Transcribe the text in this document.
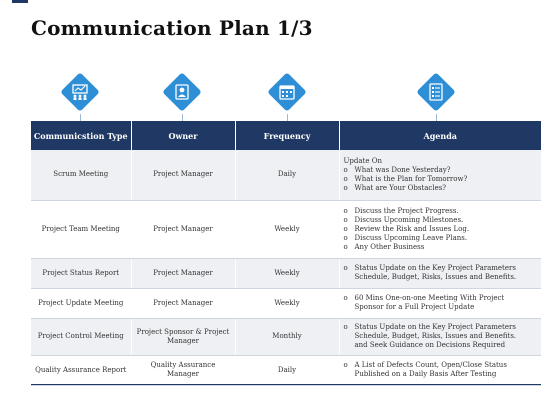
Communication Plan 1/3
Communicstion Type	Owner	Frequency	Agenda
Scrum Meeting	Project Manager	Daily	Update On
o What was Done Yesterday?
o What is the Plan for Tomorrow?
o What are Your Obstacles?

Project Team Meeting	Project Manager	Weekly	o Discuss the Project Progress.
o Discuss Upcoming Milestones.
o Review the Risk and Issues Log.
o Discuss Upcoming Leave Plans.
o Any Other Business

Project Status Report	Project Manager	Weekly	o Status Update on the Key Project Parameters
Schedule, Budget, Risks, Issues and Benefits.

Project Update Meeting	Project Manager	Weekly	o 60 Mins One-on-one Meeting With Project
Sponsor for a Full Project Update

Project Control Meeting	Project Sponsor & Project Manager	Monthly	o Status Update on the Key Project Parameters
Schedule, Budget, Risks, Issues and Benefits.
and Seek Guidance on Decisions Required

Quality Assurance Report	Quality Assurance Manager	Daily	o A List of Defects Count, Open/Close Status
Published on a Daily Basis After Testing
